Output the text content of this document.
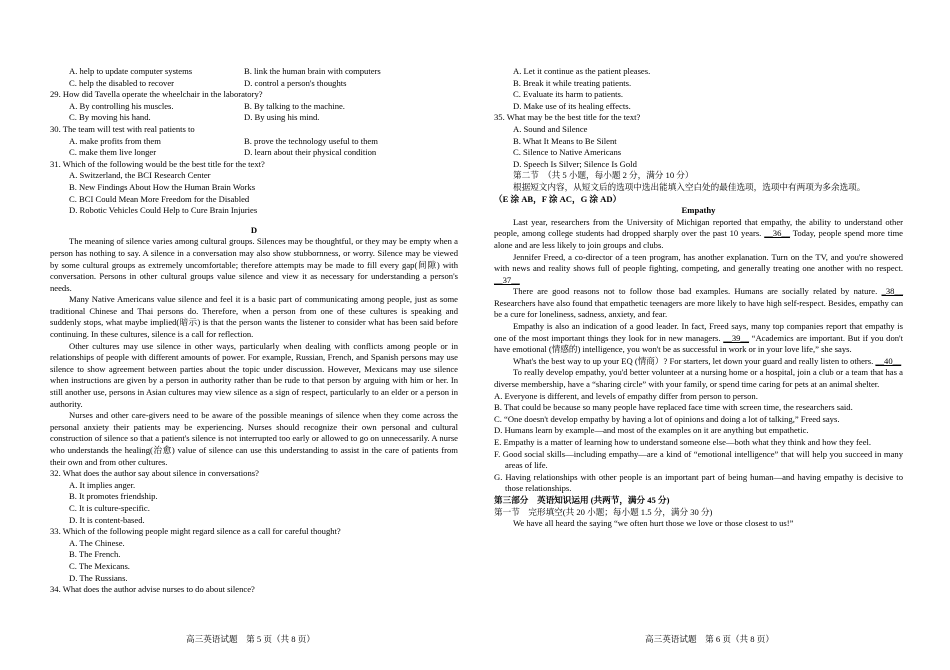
A. help to update computer systems	B. link the human brain with computers
C. help the disabled to recover	D. control a person's thoughts
29. How did Tavella operate the wheelchair in the laboratory?
A. By controlling his muscles.	B. By talking to the machine.
C. By moving his hand.	D. By using his mind.
30. The team will test with real patients to
A. make profits from them	B. prove the technology useful to them
C. make them live longer	D. learn about their physical condition
31. Which of the following would be the best title for the text?
A. Switzerland, the BCI Research Center
B. New Findings About How the Human Brain Works
C. BCI Could Mean More Freedom for the Disabled
D. Robotic Vehicles Could Help to Cure Brain Injuries
D
The meaning of silence varies among cultural groups. Silences may be thoughtful, or they may be empty when a person has nothing to say. A silence in a conversation may also show stubbornness, or worry. Silence may be viewed by some cultural groups as extremely uncomfortable; therefore attempts may be made to fill every gap(间隙) with conversation. Persons in other cultural groups value silence and view it as necessary for understanding a person's needs.
Many Native Americans value silence and feel it is a basic part of communicating among people, just as some traditional Chinese and Thai persons do. Therefore, when a person from one of these cultures is speaking and suddenly stops, what maybe implied(暗示) is that the person wants the listener to consider what has been said before continuing. In these cultures, silence is a call for reflection.
Other cultures may use silence in other ways, particularly when dealing with conflicts among people or in relationships of people with different amounts of power. For example, Russian, French, and Spanish persons may use silence to show agreement between parties about the topic under discussion. However, Mexicans may use silence when instructions are given by a person in authority rather than be rude to that person by arguing with him or her. In still another use, persons in Asian cultures may view silence as a sign of respect, particularly to an elder or a person in authority.
Nurses and other care-givers need to be aware of the possible meanings of silence when they come across the personal anxiety their patients may be experiencing. Nurses should recognize their own personal and cultural construction of silence so that a patient's silence is not interrupted too early or allowed to go on unnecessarily. A nurse who understands the healing(治愈) value of silence can use this understanding to assist in the care of patients from their own and from other cultures.
32. What does the author say about silence in conversations?
A. It implies anger.
B. It promotes friendship.
C. It is culture-specific.
D. It is content-based.
33. Which of the following people might regard silence as a call for careful thought?
A. The Chinese.
B. The French.
C. The Mexicans.
D. The Russians.
34. What does the author advise nurses to do about silence?
A. Let it continue as the patient pleases.
B. Break it while treating patients.
C. Evaluate its harm to patients.
D. Make use of its healing effects.
35. What may be the best title for the text?
A. Sound and Silence
B. What It Means to Be Silent
C. Silence to Native Americans
D. Speech Is Silver; Silence Is Gold
第二节　（共 5 小题，每小题 2 分，满分 10 分）
根据短文内容，从短文后的选项中选出能填入空白处的最佳选项，选项中有两项为多余选项。
（E 涂 AB，F 涂 AC，G 涂 AD）
Empathy
Last year, researchers from the University of Michigan reported that empathy, the ability to understand other people, among college students had dropped sharply over the past 10 years. __36__ Today, people spend more time alone and are less likely to join groups and clubs.
Jennifer Freed, a co-director of a teen program, has another explanation. Turn on the TV, and you're showered with news and reality shows full of people fighting, competing, and generally treating one another with no respect. __37__
There are good reasons not to follow those bad examples. Humans are socially related by nature. _38__ Researchers have also found that empathetic teenagers are more likely to have high self-respect. Besides, empathy can be a cure for loneliness, sadness, anxiety, and fear.
Empathy is also an indication of a good leader. In fact, Freed says, many top companies report that empathy is one of the most important things they look for in new managers. __39__ “Academics are important. But if you don't have emotional (情感的) intelligence, you won't be as successful in work or in your love life,” she says.
What's the best way to up your EQ (情商）? For starters, let down your guard and really listen to others. __40__
To really develop empathy, you'd better volunteer at a nursing home or a hospital, join a club or a team that has a diverse membership, have a “sharing circle” with your family, or spend time caring for pets at an animal shelter.
A. Everyone is different, and levels of empathy differ from person to person.
B. That could be because so many people have replaced face time with screen time, the researchers said.
C. “One doesn't develop empathy by having a lot of opinions and doing a lot of talking,” Freed says.
D. Humans learn by example—and most of the examples on it are anything but empathetic.
E. Empathy is a matter of learning how to understand someone else—both what they think and how they feel.
F. Good social skills—including empathy—are a kind of “emotional intelligence” that will help you succeed in many areas of life.
G. Having relationships with other people is an important part of being human—and having empathy is decisive to those relationships.
第三部分　英语知识运用 (共两节，满分 45 分)
第一节　完形填空(共 20 小题；每小题 1.5 分，满分 30 分)
We have all heard the saying “we often hurt those we love or those closest to us!”
高三英语试题　第 5 页（共 8 页）	高三英语试题　第 6 页（共 8 页）
